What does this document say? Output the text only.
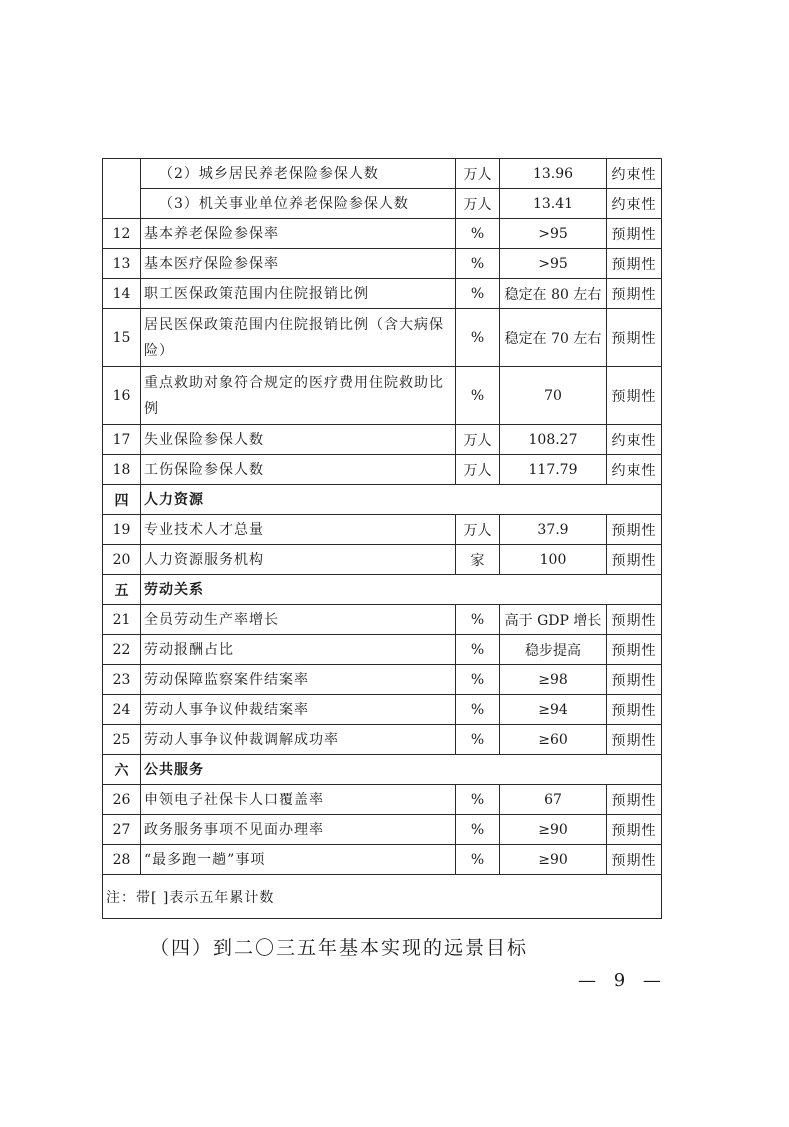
	（2）城乡居民养老保险参保人数	万人	13.96	约束性
	（3）机关事业单位养老保险参保人数	万人	13.41	约束性
12	基本养老保险参保率	%	>95	预期性
13	基本医疗保险参保率	%	>95	预期性
14	职工医保政策范围内住院报销比例	%	稳定在 80 左右	预期性
15	居民医保政策范围内住院报销比例（含大病保险）	%	稳定在 70 左右	预期性
16	重点救助对象符合规定的医疗费用住院救助比例	%	70	预期性
17	失业保险参保人数	万人	108.27	约束性
18	工伤保险参保人数	万人	117.79	约束性
四	人力资源			
19	专业技术人才总量	万人	37.9	预期性
20	人力资源服务机构	家	100	预期性
五	劳动关系			
21	全员劳动生产率增长	%	高于 GDP 增长	预期性
22	劳动报酬占比	%	稳步提高	预期性
23	劳动保障监察案件结案率	%	≥98	预期性
24	劳动人事争议仲裁结案率	%	≥94	预期性
25	劳动人事争议仲裁调解成功率	%	≥60	预期性
六	公共服务			
26	申领电子社保卡人口覆盖率	%	67	预期性
27	政务服务事项不见面办理率	%	≥90	预期性
28	“最多跑一趟”事项	%	≥90	预期性
注：带[ ]表示五年累计数				
（四）到二〇三五年基本实现的远景目标
— 9 —
